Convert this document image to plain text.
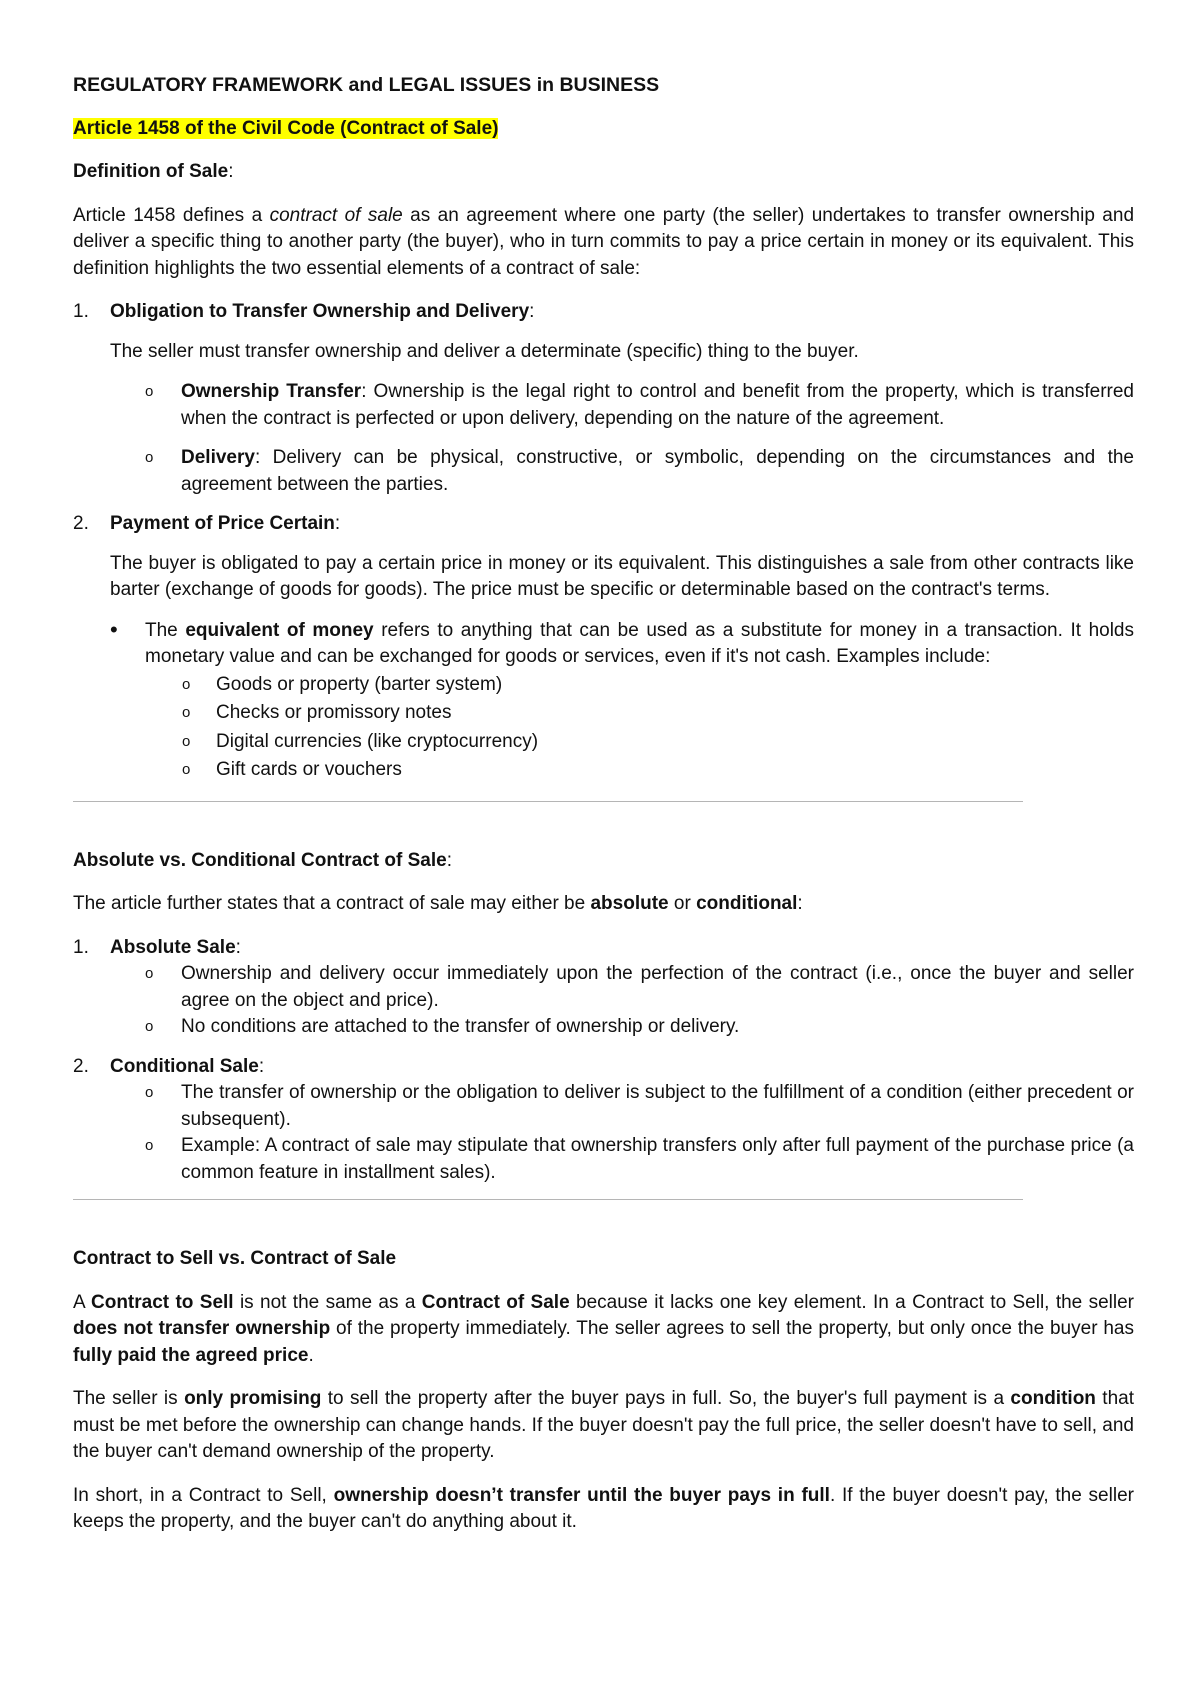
REGULATORY FRAMEWORK and LEGAL ISSUES in BUSINESS

Article 1458 of the Civil Code (Contract of Sale)

Definition of Sale:

Article 1458 defines a contract of sale as an agreement where one party (the seller) undertakes to transfer ownership and deliver a specific thing to another party (the buyer), who in turn commits to pay a price certain in money or its equivalent. This definition highlights the two essential elements of a contract of sale:

1.	Obligation to Transfer Ownership and Delivery:

The seller must transfer ownership and deliver a determinate (specific) thing to the buyer.

o	Ownership Transfer: Ownership is the legal right to control and benefit from the property, which is transferred when the contract is perfected or upon delivery, depending on the nature of the agreement.
o	Delivery: Delivery can be physical, constructive, or symbolic, depending on the circumstances and the agreement between the parties.
2.	Payment of Price Certain:

The buyer is obligated to pay a certain price in money or its equivalent. This distinguishes a sale from other contracts like barter (exchange of goods for goods). The price must be specific or determinable based on the contract's terms.

•	The equivalent of money refers to anything that can be used as a substitute for money in a transaction. It holds monetary value and can be exchanged for goods or services, even if it's not cash. Examples include:
o	Goods or property (barter system)
o	Checks or promissory notes
o	Digital currencies (like cryptocurrency)
o	Gift cards or vouchers

Absolute vs. Conditional Contract of Sale:

The article further states that a contract of sale may either be absolute or conditional:

1.	Absolute Sale:
o	Ownership and delivery occur immediately upon the perfection of the contract (i.e., once the buyer and seller agree on the object and price).
o	No conditions are attached to the transfer of ownership or delivery.
2.	Conditional Sale:
o	The transfer of ownership or the obligation to deliver is subject to the fulfillment of a condition (either precedent or subsequent).
o	Example: A contract of sale may stipulate that ownership transfers only after full payment of the purchase price (a common feature in installment sales).

Contract to Sell vs. Contract of Sale

A Contract to Sell is not the same as a Contract of Sale because it lacks one key element. In a Contract to Sell, the seller does not transfer ownership of the property immediately. The seller agrees to sell the property, but only once the buyer has fully paid the agreed price.

The seller is only promising to sell the property after the buyer pays in full. So, the buyer's full payment is a condition that must be met before the ownership can change hands. If the buyer doesn't pay the full price, the seller doesn't have to sell, and the buyer can't demand ownership of the property.

In short, in a Contract to Sell, ownership doesn’t transfer until the buyer pays in full. If the buyer doesn't pay, the seller keeps the property, and the buyer can't do anything about it.
